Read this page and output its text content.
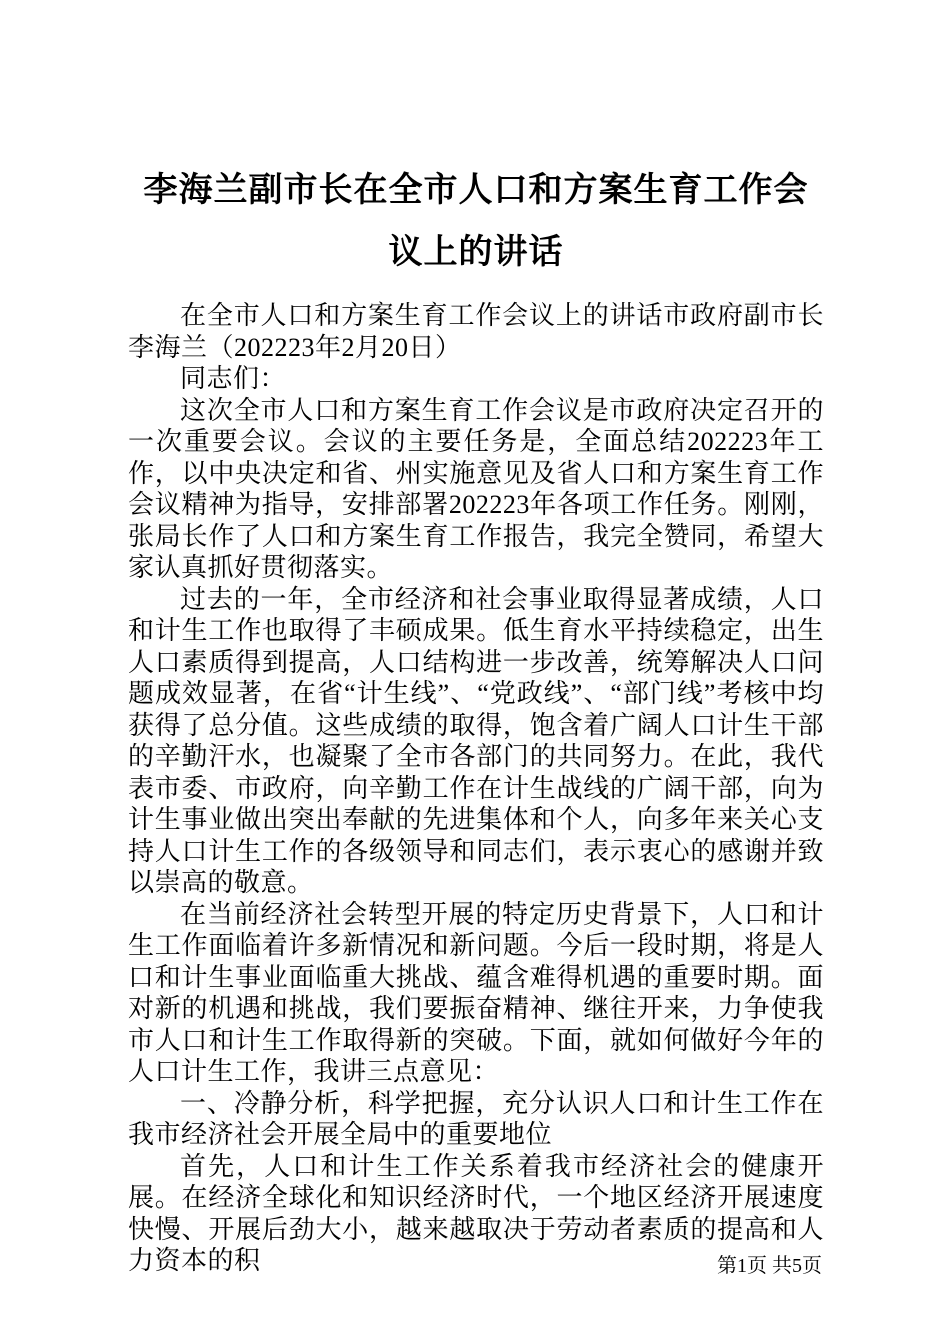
李海兰副市长在全市人口和方案生育工作会议上的讲话

在全市人口和方案生育工作会议上的讲话市政府副市长李海兰（202223年2月20日）

同志们：

这次全市人口和方案生育工作会议是市政府决定召开的一次重要会议。会议的主要任务是，全面总结202223年工作，以中央决定和省、州实施意见及省人口和方案生育工作会议精神为指导，安排部署202223年各项工作任务。刚刚，张局长作了人口和方案生育工作报告，我完全赞同，希望大家认真抓好贯彻落实。

过去的一年，全市经济和社会事业取得显著成绩，人口和计生工作也取得了丰硕成果。低生育水平持续稳定，出生人口素质得到提高，人口结构进一步改善，统筹解决人口问题成效显著，在省“计生线”、“党政线”、“部门线”考核中均获得了总分值。这些成绩的取得，饱含着广阔人口计生干部的辛勤汗水，也凝聚了全市各部门的共同努力。在此，我代表市委、市政府，向辛勤工作在计生战线的广阔干部，向为计生事业做出突出奉献的先进集体和个人，向多年来关心支持人口计生工作的各级领导和同志们，表示衷心的感谢并致以崇高的敬意。

在当前经济社会转型开展的特定历史背景下，人口和计生工作面临着许多新情况和新问题。今后一段时期，将是人口和计生事业面临重大挑战、蕴含难得机遇的重要时期。面对新的机遇和挑战，我们要振奋精神、继往开来，力争使我市人口和计生工作取得新的突破。下面，就如何做好今年的人口计生工作，我讲三点意见：

一、冷静分析，科学把握，充分认识人口和计生工作在我市经济社会开展全局中的重要地位

首先，人口和计生工作关系着我市经济社会的健康开展。在经济全球化和知识经济时代，一个地区经济开展速度快慢、开展后劲大小，越来越取决于劳动者素质的提高和人力资本的积	第1页 共5页
